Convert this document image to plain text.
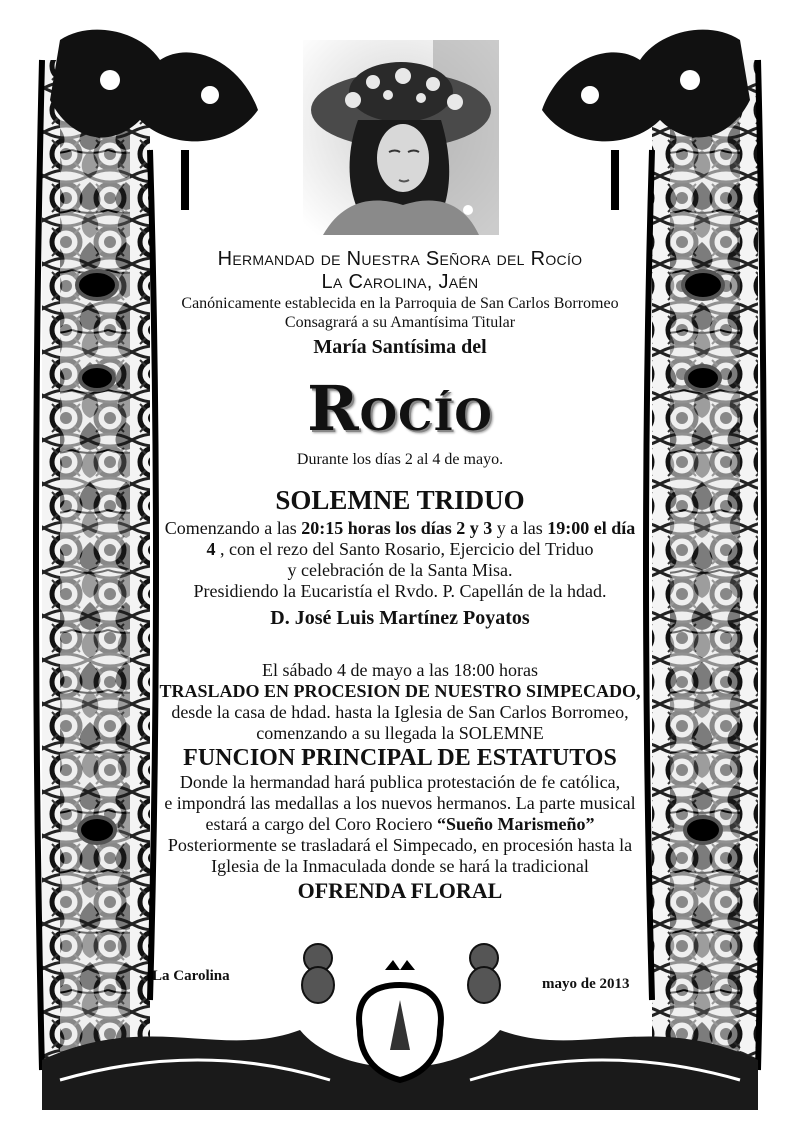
Hermandad de Nuestra Señora del Rocío
La Carolina, Jaén
Canónicamente establecida en la Parroquia de San Carlos Borromeo
Consagrará a su Amantísima Titular
María Santísima del
Rocío
Durante los días 2 al 4 de mayo.
SOLEMNE TRIDUO
Comenzando a las 20:15 horas los días 2 y 3 y a las 19:00 el día
4 , con el rezo del Santo Rosario, Ejercicio del Triduo
y celebración de la Santa Misa.
Presidiendo la Eucaristía el Rvdo. P. Capellán de la hdad.
D. José Luis Martínez Poyatos
El sábado 4 de mayo a las 18:00 horas
TRASLADO EN PROCESION DE NUESTRO SIMPECADO,
desde la casa de hdad. hasta la Iglesia de San Carlos Borromeo,
comenzando a su llegada la SOLEMNE
FUNCION PRINCIPAL DE ESTATUTOS
Donde la hermandad hará publica protestación de fe católica,
e impondrá las medallas a los nuevos hermanos. La parte musical
estará a cargo del Coro Rociero “Sueño Marismeño”
Posteriormente se trasladará el Simpecado, en procesión hasta la
Iglesia de la Inmaculada donde se hará la tradicional
OFRENDA FLORAL
La Carolina	mayo de 2013
